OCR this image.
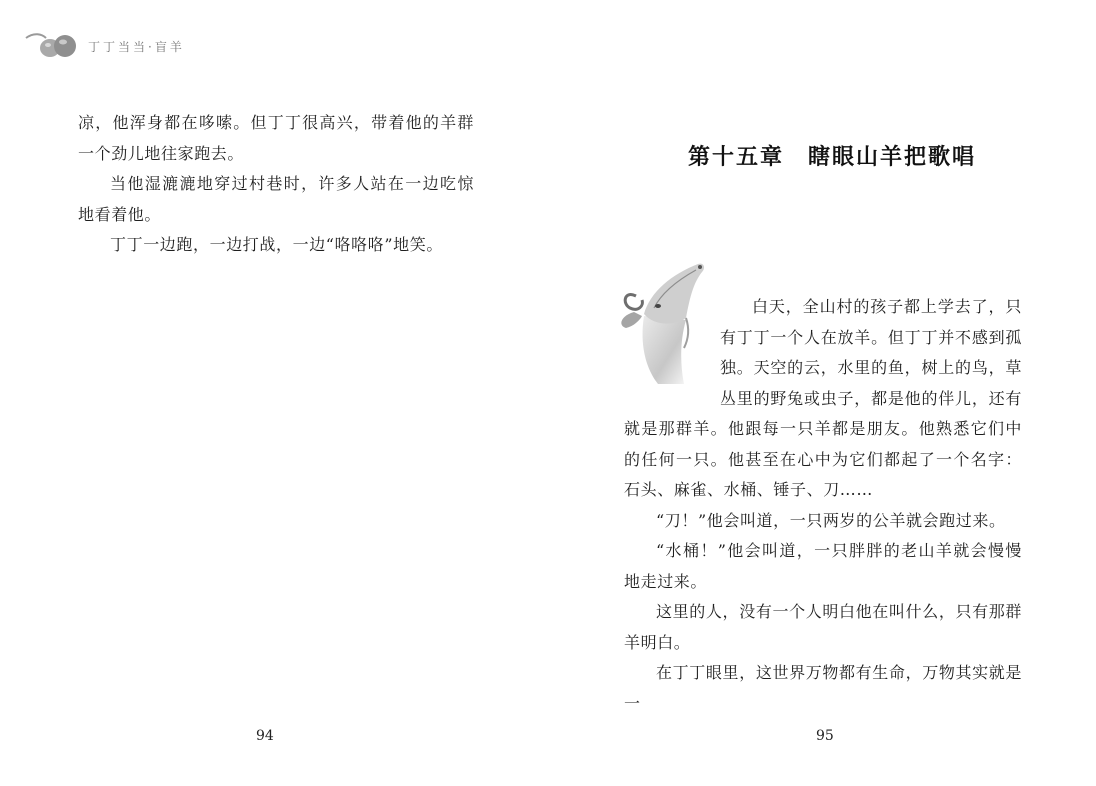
丁丁当当·盲羊

凉，他浑身都在哆嗦。但丁丁很高兴，带着他的羊群一个劲儿地往家跑去。

当他湿漉漉地穿过村巷时，许多人站在一边吃惊地看着他。

丁丁一边跑，一边打战，一边“咯咯咯”地笑。

94
第十五章　瞎眼山羊把歌唱
95

白天，全山村的孩子都上学去了，只有丁丁一个人在放羊。但丁丁并不感到孤独。天空的云，水里的鱼，树上的鸟，草丛里的野兔或虫子，都是他的伴儿，还有就是那群羊。他跟每一只羊都是朋友。他熟悉它们中的任何一只。他甚至在心中为它们都起了一个名字：石头、麻雀、水桶、锤子、刀……

“刀！”他会叫道，一只两岁的公羊就会跑过来。

“水桶！”他会叫道，一只胖胖的老山羊就会慢慢地走过来。

这里的人，没有一个人明白他在叫什么，只有那群羊明白。

在丁丁眼里，这世界万物都有生命，万物其实就是一
